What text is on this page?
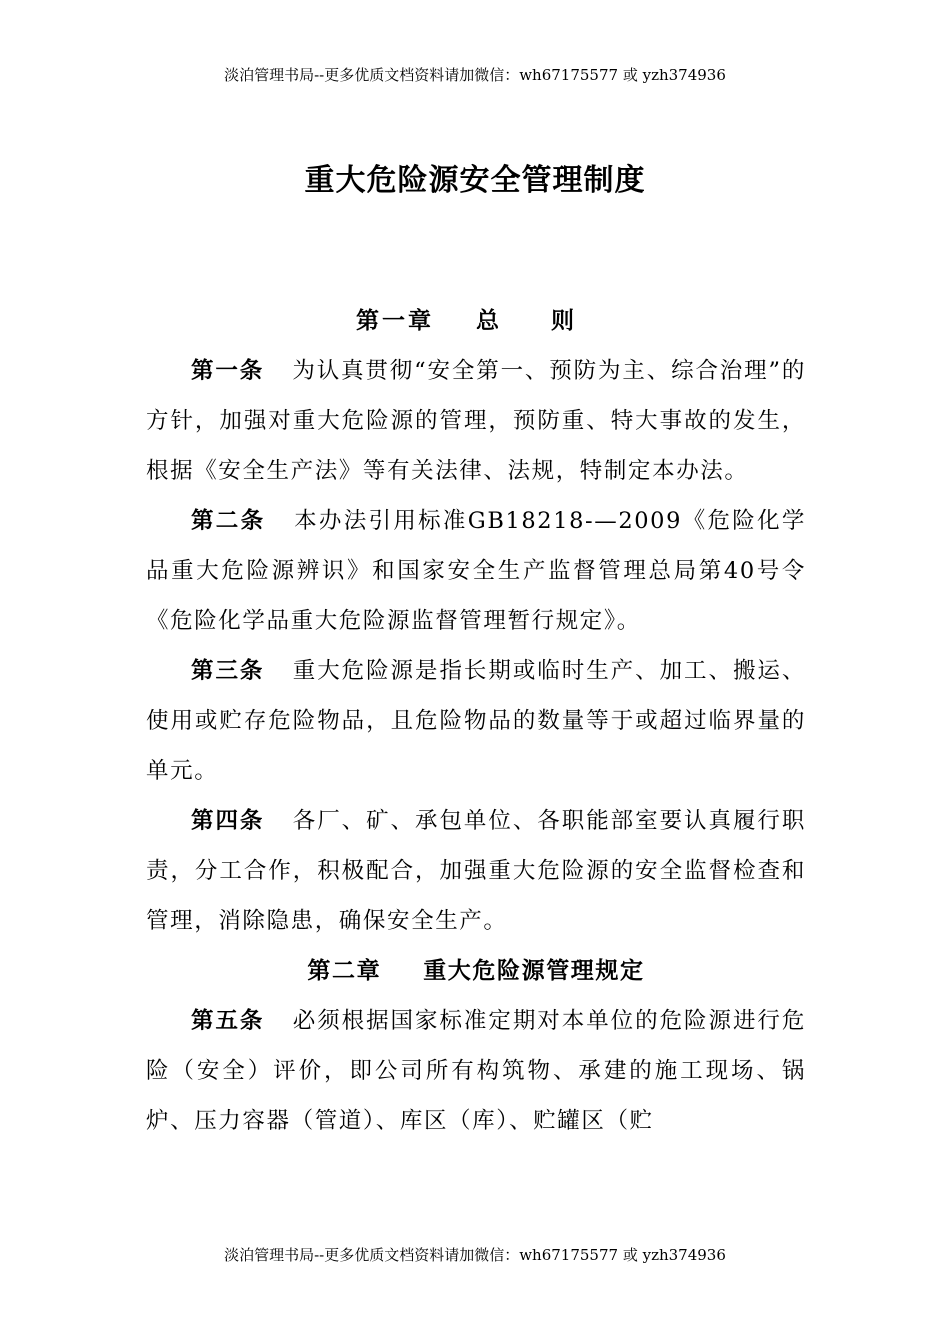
淡泊管理书局--更多优质文档资料请加微信：wh67175577 或 yzh374936
重大危险源安全管理制度
第一章 总 则

第一条 为认真贯彻“安全第一、预防为主、综合治理”的方针，加强对重大危险源的管理，预防重、特大事故的发生，根据《安全生产法》等有关法律、法规，特制定本办法。

第二条 本办法引用标准GB18218-—2009《危险化学品重大危险源辨识》和国家安全生产监督管理总局第40号令《危险化学品重大危险源监督管理暂行规定》。

第三条 重大危险源是指长期或临时生产、加工、搬运、使用或贮存危险物品，且危险物品的数量等于或超过临界量的单元。

第四条 各厂、矿、承包单位、各职能部室要认真履行职责，分工合作，积极配合，加强重大危险源的安全监督检查和管理，消除隐患，确保安全生产。

第二章 重大危险源管理规定

第五条 必须根据国家标准定期对本单位的危险源进行危险（安全）评价，即公司所有构筑物、承建的施工现场、锅炉、压力容器（管道）、库区（库）、贮罐区（贮

淡泊管理书局--更多优质文档资料请加微信：wh67175577 或 yzh374936
